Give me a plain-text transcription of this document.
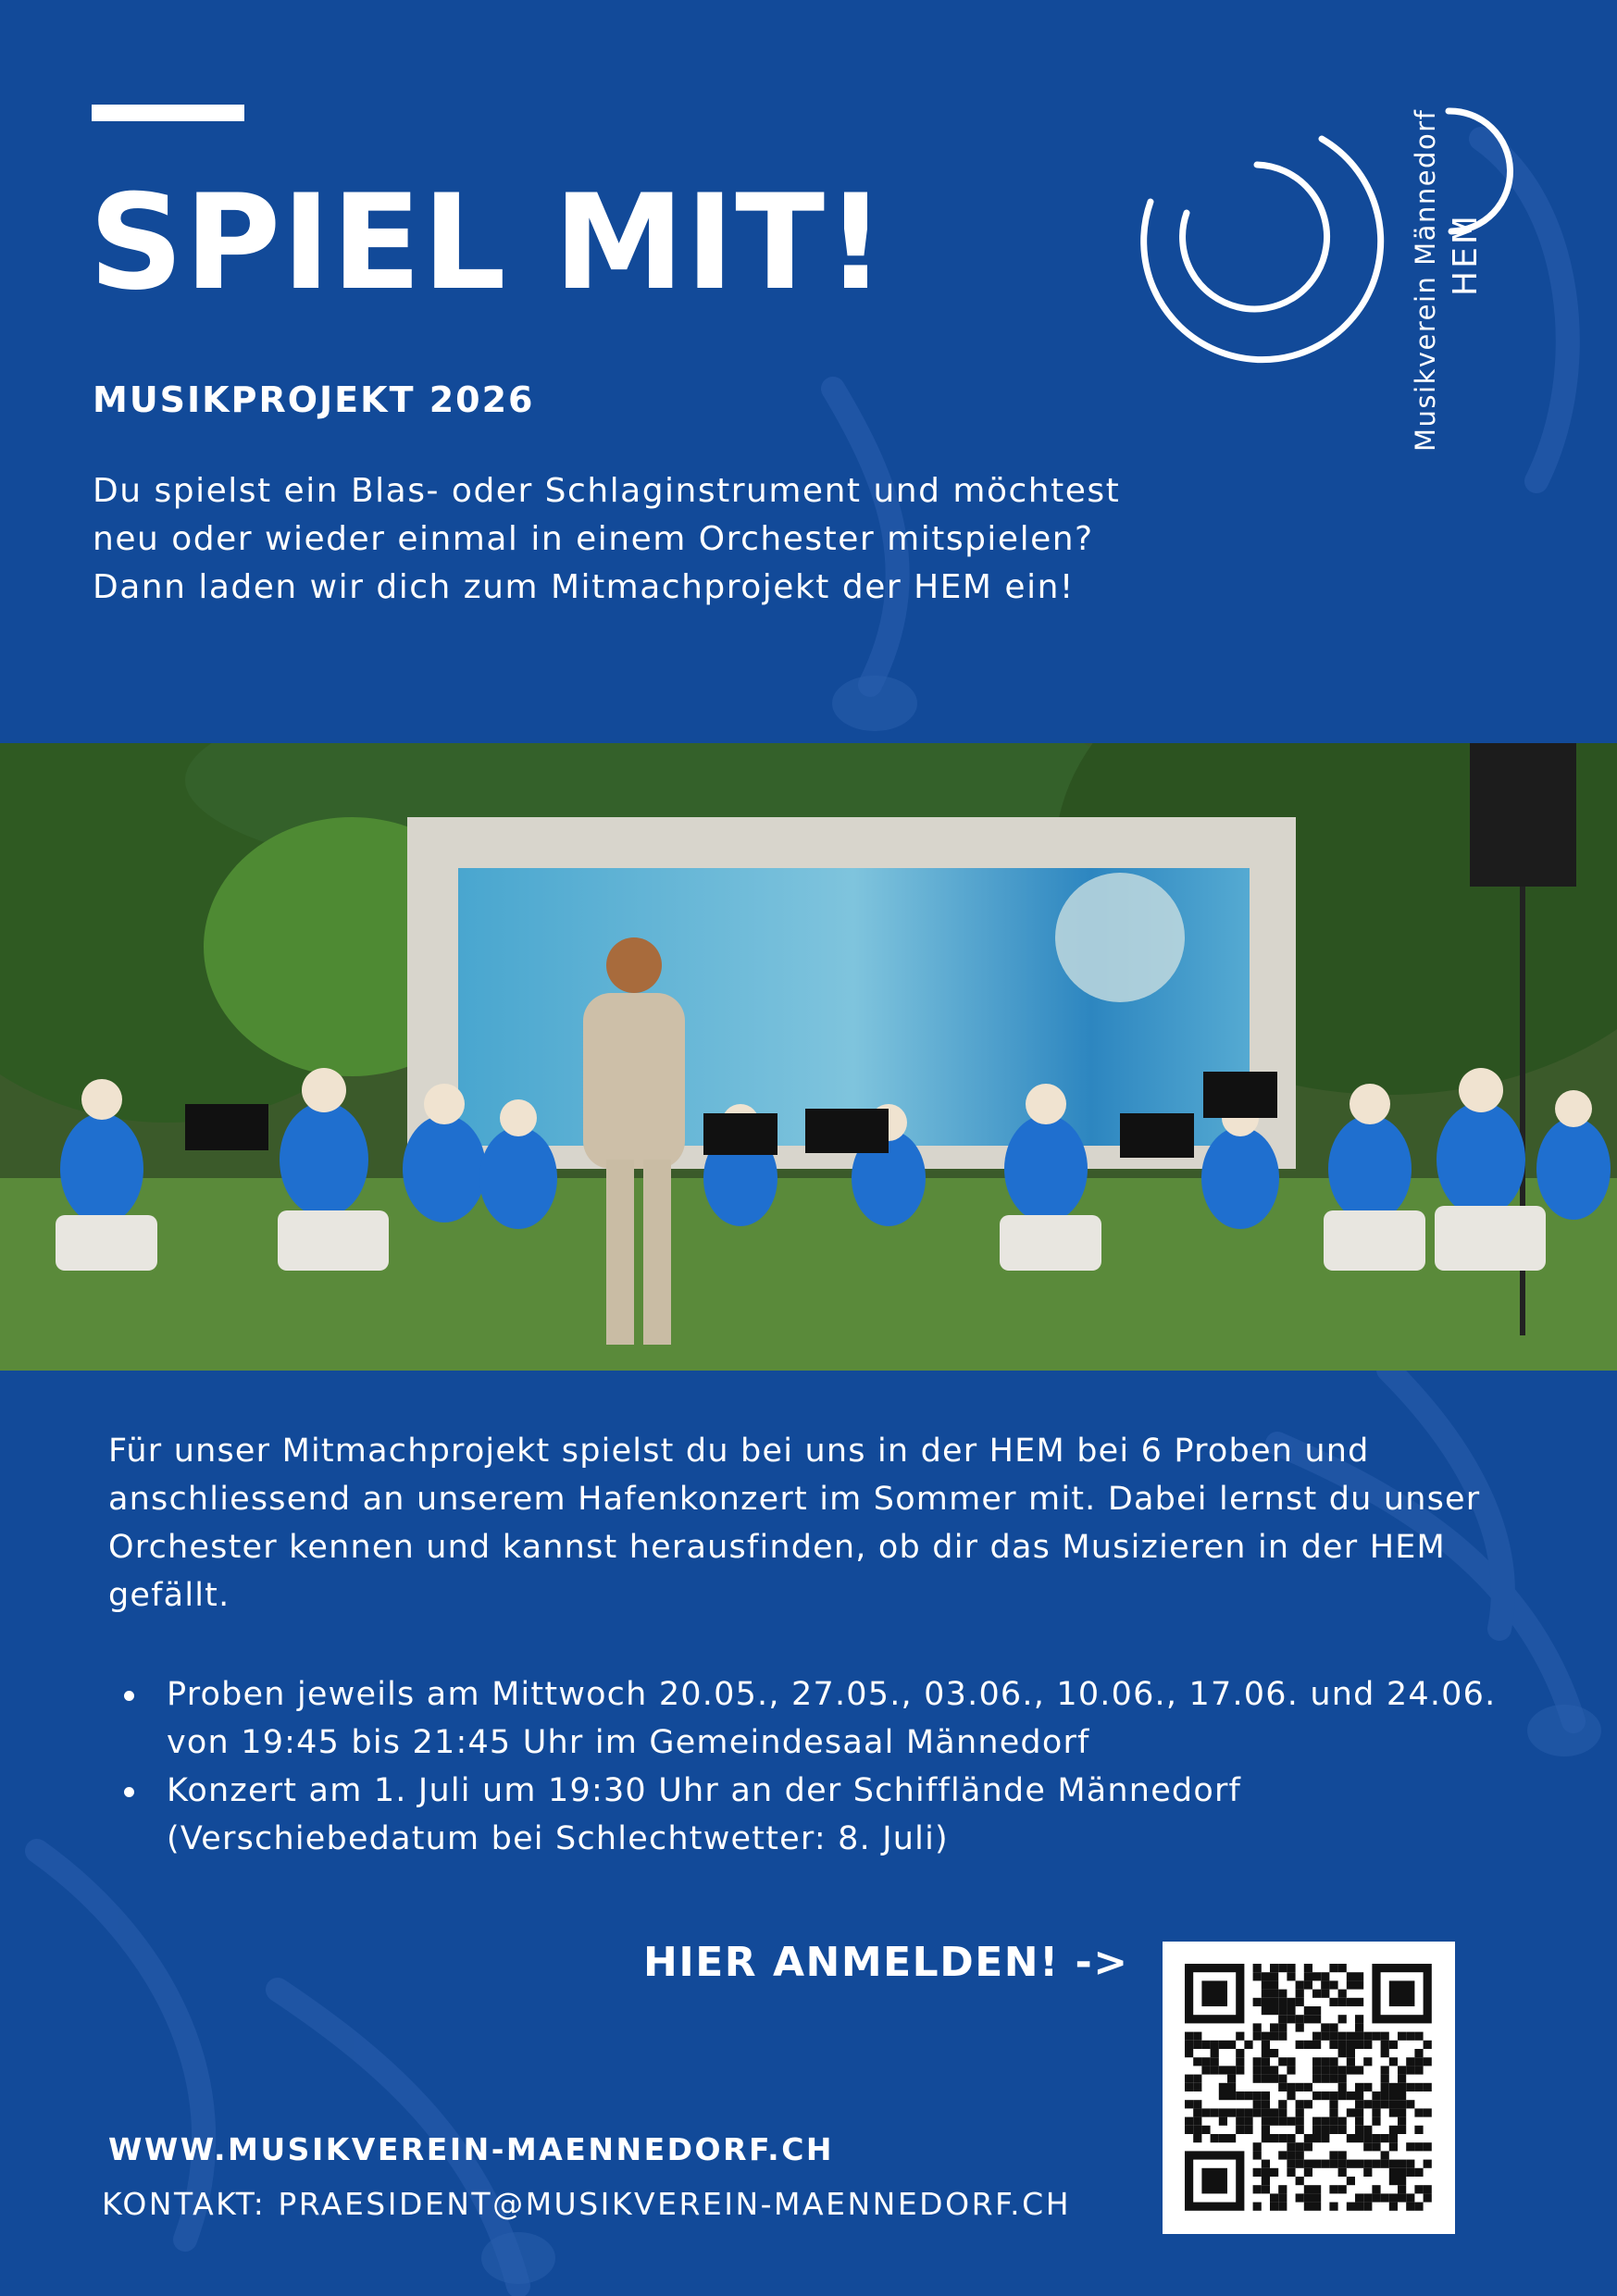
SPIEL MIT!
MUSIKPROJEKT 2026
Du spielst ein Blas- oder Schlaginstrument und möchtest neu oder wieder einmal in einem Orchester mitspielen? Dann laden wir dich zum Mitmachprojekt der HEM ein!
Musikverein Männedorf HEM

Für unser Mitmachprojekt spielst du bei uns in der HEM bei 6 Proben und anschliessend an unserem Hafenkonzert im Sommer mit. Dabei lernst du unser Orchester kennen und kannst herausfinden, ob dir das Musizieren in der HEM gefällt.

Proben jeweils am Mittwoch 20.05., 27.05., 03.06., 10.06., 17.06. und 24.06. von 19:45 bis 21:45 Uhr im Gemeindesaal Männedorf
Konzert am 1. Juli um 19:30 Uhr an der Schiffländе Männedorf (Verschiebedatum bei Schlechtwetter: 8. Juli)
HIER ANMELDEN! ->
WWW.MUSIKVEREIN-MAENNEDORF.CH
KONTAKT: PRAESIDENT@MUSIKVEREIN-MAENNEDORF.CH
